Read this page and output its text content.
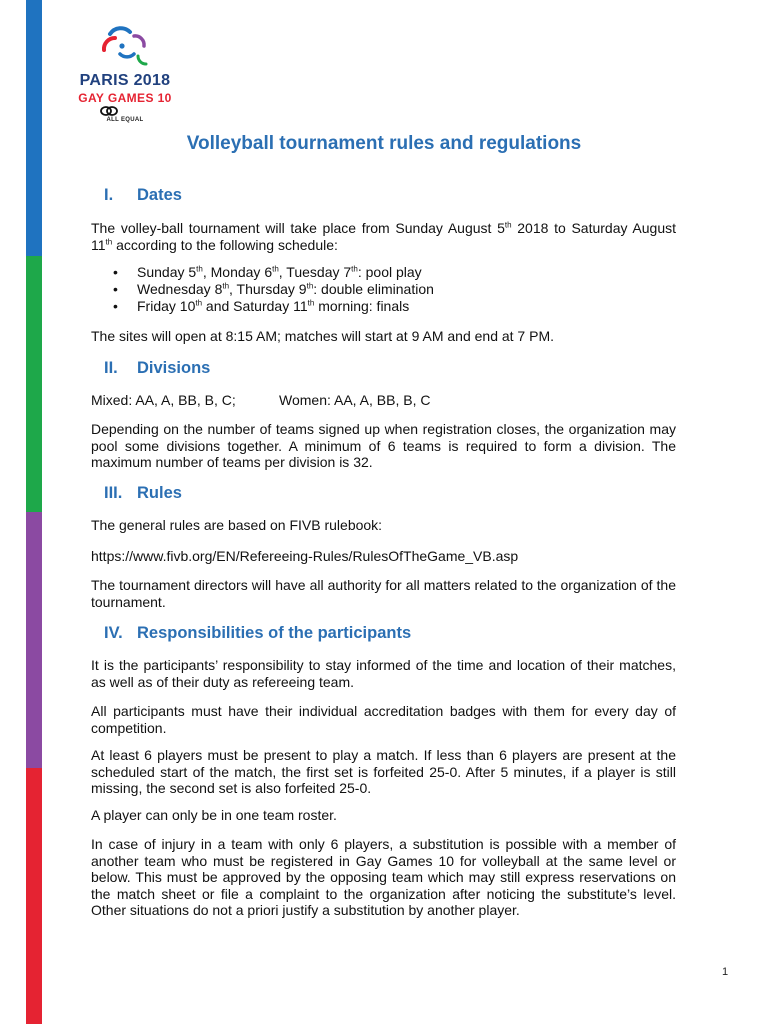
PARIS 2018
GAY GAMES 10
ALL EQUAL
Volleyball tournament rules and regulations
I. Dates
The volley-ball tournament will take place from Sunday August 5th 2018 to Saturday August 11th according to the following schedule:
• Sunday 5th, Monday 6th, Tuesday 7th: pool play
• Wednesday 8th, Thursday 9th: double elimination
• Friday 10th and Saturday 11th morning: finals
The sites will open at 8:15 AM; matches will start at 9 AM and end at 7 PM.
II. Divisions
Mixed: AA, A, BB, B, C;	Women: AA, A, BB, B, C
Depending on the number of teams signed up when registration closes, the organization may pool some divisions together. A minimum of 6 teams is required to form a division. The maximum number of teams per division is 32.
III. Rules
The general rules are based on FIVB rulebook:
https://www.fivb.org/EN/Refereeing-Rules/RulesOfTheGame_VB.asp
The tournament directors will have all authority for all matters related to the organization of the tournament.
IV. Responsibilities of the participants
It is the participants’ responsibility to stay informed of the time and location of their matches, as well as of their duty as refereeing team.
All participants must have their individual accreditation badges with them for every day of competition.
At least 6 players must be present to play a match. If less than 6 players are present at the scheduled start of the match, the first set is forfeited 25-0. After 5 minutes, if a player is still missing, the second set is also forfeited 25-0.
A player can only be in one team roster.
In case of injury in a team with only 6 players, a substitution is possible with a member of another team who must be registered in Gay Games 10 for volleyball at the same level or below. This must be approved by the opposing team which may still express reservations on the match sheet or file a complaint to the organization after noticing the substitute’s level. Other situations do not a priori justify a substitution by another player.
1
